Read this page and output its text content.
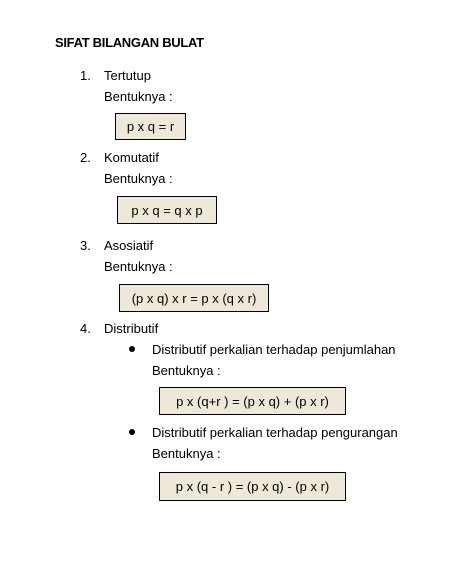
SIFAT BILANGAN BULAT
1. Tertutup
Bentuknya :
p x q = r
2. Komutatif
Bentuknya :
p x q = q x p
3. Asosiatif
Bentuknya :
(p x q) x r = p x (q x r)
4. Distributif
Distributif perkalian terhadap penjumlahan
Bentuknya :
p x (q+r ) = (p x q) + (p x r)
Distributif perkalian terhadap pengurangan
Bentuknya :
p x (q - r ) = (p x q) - (p x r)
